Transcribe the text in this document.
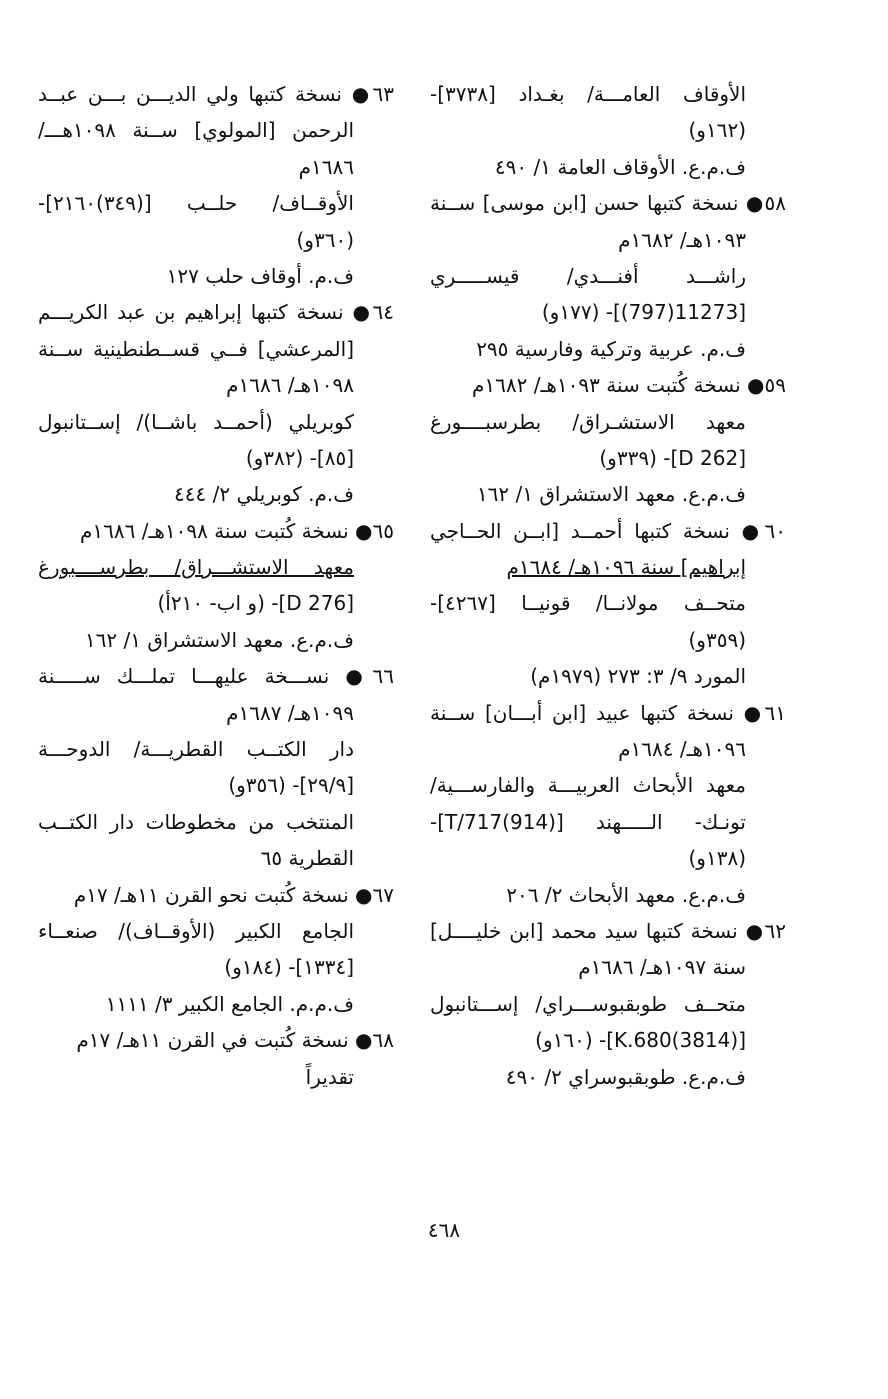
الأوقاف العامـــة/ بغـداد [٣٧٣٨]-
(١٦٢و)
ف.م.ع. الأوقاف العامة ١/ ٤٩٠
٥٨● نسخة كتبها حسن [ابن موسى] ســنة
١٠٩٣هـ/ ١٦٨٢م
راشـــد أفنـــدي/ قيســـــري
[11273(797)]- (١٧٧و)
ف.م. عربية وتركية وفارسية ٢٩٥
٥٩● نسخة كُتبت سنة ١٠٩٣هـ/ ١٦٨٢م
معهد الاستشـراق/ بطرسبــــورغ
[D 262]- (٣٣٩و)
ف.م.ع. معهد الاستشراق ١/ ١٦٢
٦٠● نسخة كتبها أحمــد [ابــن الحــاجي
إبراهيم] سنة ١٠٩٦هـ/ ١٦٨٤م
متحــف مولانــا/ قونيــا [٤٢٦٧]-
(٣٥٩و)
المورد ٩/ ٣: ٢٧٣ (١٩٧٩م)
٦١● نسخة كتبها عبيد [ابن أبـــان] ســنة
١٠٩٦هـ/ ١٦٨٤م
معهد الأبحاث العربيـــة والفارســـية/
تونـك- الـــــهند [T/717(914)]-
(١٣٨و)
ف.م.ع. معهد الأبحاث ٢/ ٢٠٦
٦٢● نسخة كتبها سيد محمد [ابن خليــــل]
سنة ١٠٩٧هـ/ ١٦٨٦م
متحــف طوبقبوســـراي/ إســـتانبول
[K.680(3814)]- (١٦٠و)
ف.م.ع. طوبقبوسراي ٢/ ٤٩٠
٦٣● نسخة كتبها ولي الديـــن بـــن عبــد
الرحمن [المولوي] ســنة ١٠٩٨هـــ/
١٦٨٦م
الأوقــاف/ حلــب [(٣٤٩)٢١٦٠]-
(٣٦٠و)
ف.م. أوقاف حلب ١٢٧
٦٤● نسخة كتبها إبراهيم بن عبد الكريـــم
[المرعشي] فــي قســطنطينية ســنة
١٠٩٨هـ/ ١٦٨٦م
كوبريلي (أحمــد باشــا)/ إســتانبول
[٨٥]- (٣٨٢و)
ف.م. كوبريلي ٢/ ٤٤٤
٦٥● نسخة كُتبت سنة ١٠٩٨هـ/ ١٦٨٦م
معهد الاستشـــراق/ بطرســــبورغ
[D 276]- (و اب- ٢١٠أ)
ف.م.ع. معهد الاستشراق ١/ ١٦٢
٦٦● نســـخة عليهـــا تملـــك ســـــنة
١٠٩٩هـ/ ١٦٨٧م
دار الكتــب القطريـــة/ الدوحـــة
[٢٩/٩]- (٣٥٦و)
المنتخب من مخطوطات دار الكتــب
القطرية ٦٥
٦٧● نسخة كُتبت نحو القرن ١١هـ/ ١٧م
الجامع الكبير (الأوقــاف)/ صنعــاء
[١٣٣٤]- (١٨٤و)
ف.م.م. الجامع الكبير ٣/ ١١١١
٦٨● نسخة كُتبت في القرن ١١هـ/ ١٧م
تقديراً
٤٦٨
